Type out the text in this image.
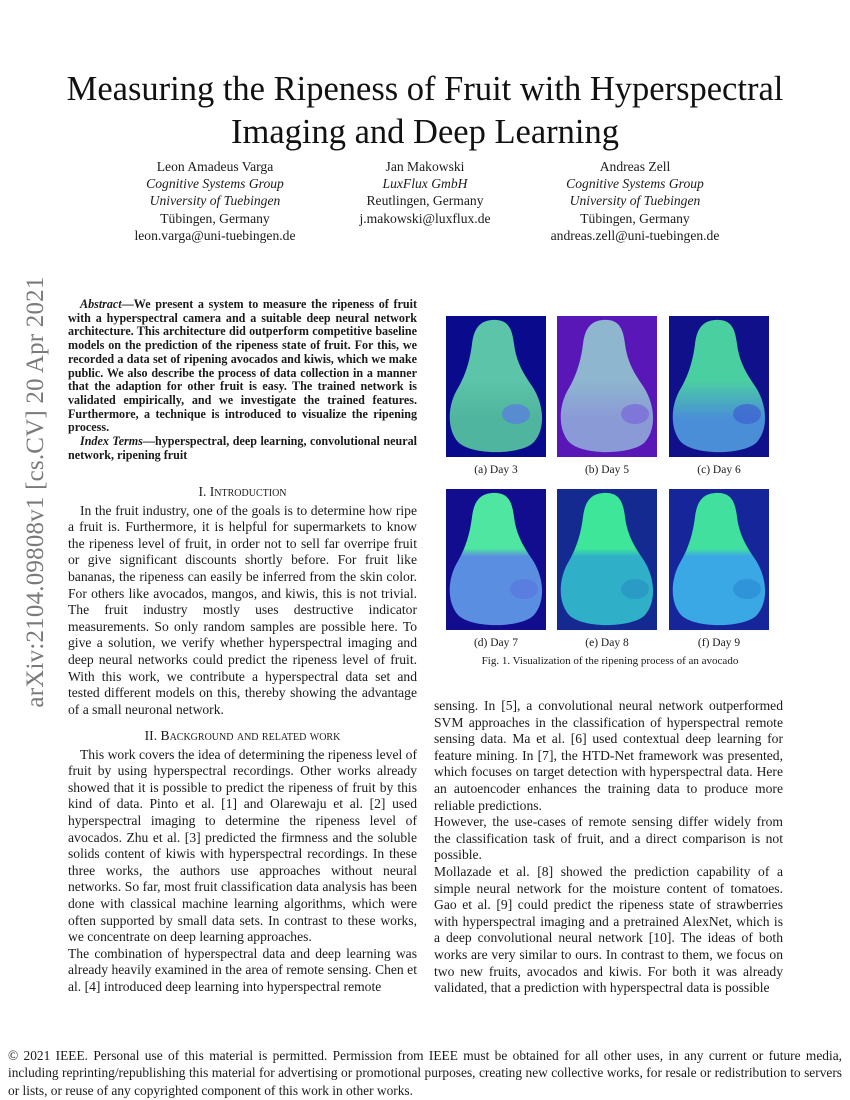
Measuring the Ripeness of Fruit with Hyperspectral
Imaging and Deep Learning
Leon Amadeus Varga
Cognitive Systems Group
University of Tuebingen
Tübingen, Germany
leon.varga@uni-tuebingen.de
Jan Makowski
LuxFlux GmbH
Reutlingen, Germany
j.makowski@luxflux.de
Andreas Zell
Cognitive Systems Group
University of Tuebingen
Tübingen, Germany
andreas.zell@uni-tuebingen.de
arXiv:2104.09808v1 [cs.CV] 20 Apr 2021	Abstract—We present a system to measure the ripeness of fruit with a hyperspectral camera and a suitable deep neural network architecture. This architecture did outperform competitive baseline models on the prediction of the ripeness state of fruit. For this, we recorded a data set of ripening avocados and kiwis, which we make public. We also describe the process of data collection in a manner that the adaption for other fruit is easy. The trained network is validated empirically, and we investigate the trained features. Furthermore, a technique is introduced to visualize the ripening process.

Index Terms—hyperspectral, deep learning, convolutional neural network, ripening fruit

I. Introduction

In the fruit industry, one of the goals is to determine how ripe a fruit is. Furthermore, it is helpful for supermarkets to know the ripeness level of fruit, in order not to sell far overripe fruit or give significant discounts shortly before. For fruit like bananas, the ripeness can easily be inferred from the skin color. For others like avocados, mangos, and kiwis, this is not trivial. The fruit industry mostly uses destructive indicator measurements. So only random samples are possible here. To give a solution, we verify whether hyperspectral imaging and deep neural networks could predict the ripeness level of fruit. With this work, we contribute a hyperspectral data set and tested different models on this, thereby showing the advantage of a small neuronal network.

II. Background and related work

This work covers the idea of determining the ripeness level of fruit by using hyperspectral recordings. Other works already showed that it is possible to predict the ripeness of fruit by this kind of data. Pinto et al. [1] and Olarewaju et al. [2] used hyperspectral imaging to determine the ripeness level of avocados. Zhu et al. [3] predicted the firmness and the soluble solids content of kiwis with hyperspectral recordings. In these three works, the authors use approaches without neural networks. So far, most fruit classification data analysis has been done with classical machine learning algorithms, which were often supported by small data sets. In contrast to these works, we concentrate on deep learning approaches.

The combination of hyperspectral data and deep learning was already heavily examined in the area of remote sensing. Chen et al. [4] introduced deep learning into hyperspectral remote

(a) Day 3	(b) Day 5	(c) Day 6
(d) Day 7	(e) Day 8	(f) Day 9
Fig. 1. Visualization of the ripening process of an avocado

sensing. In [5], a convolutional neural network outperformed SVM approaches in the classification of hyperspectral remote sensing data. Ma et al. [6] used contextual deep learning for feature mining. In [7], the HTD-Net framework was presented, which focuses on target detection with hyperspectral data. Here an autoencoder enhances the training data to produce more reliable predictions.

However, the use-cases of remote sensing differ widely from the classification task of fruit, and a direct comparison is not possible.

Mollazade et al. [8] showed the prediction capability of a simple neural network for the moisture content of tomatoes. Gao et al. [9] could predict the ripeness state of strawberries with hyperspectral imaging and a pretrained AlexNet, which is a deep convolutional neural network [10]. The ideas of both works are very similar to ours. In contrast to them, we focus on two new fruits, avocados and kiwis. For both it was already validated, that a prediction with hyperspectral data is possible

© 2021 IEEE. Personal use of this material is permitted. Permission from IEEE must be obtained for all other uses, in any current or future media, including reprinting/republishing this material for advertising or promotional purposes, creating new collective works, for resale or redistribution to servers or lists, or reuse of any copyrighted component of this work in other works.
